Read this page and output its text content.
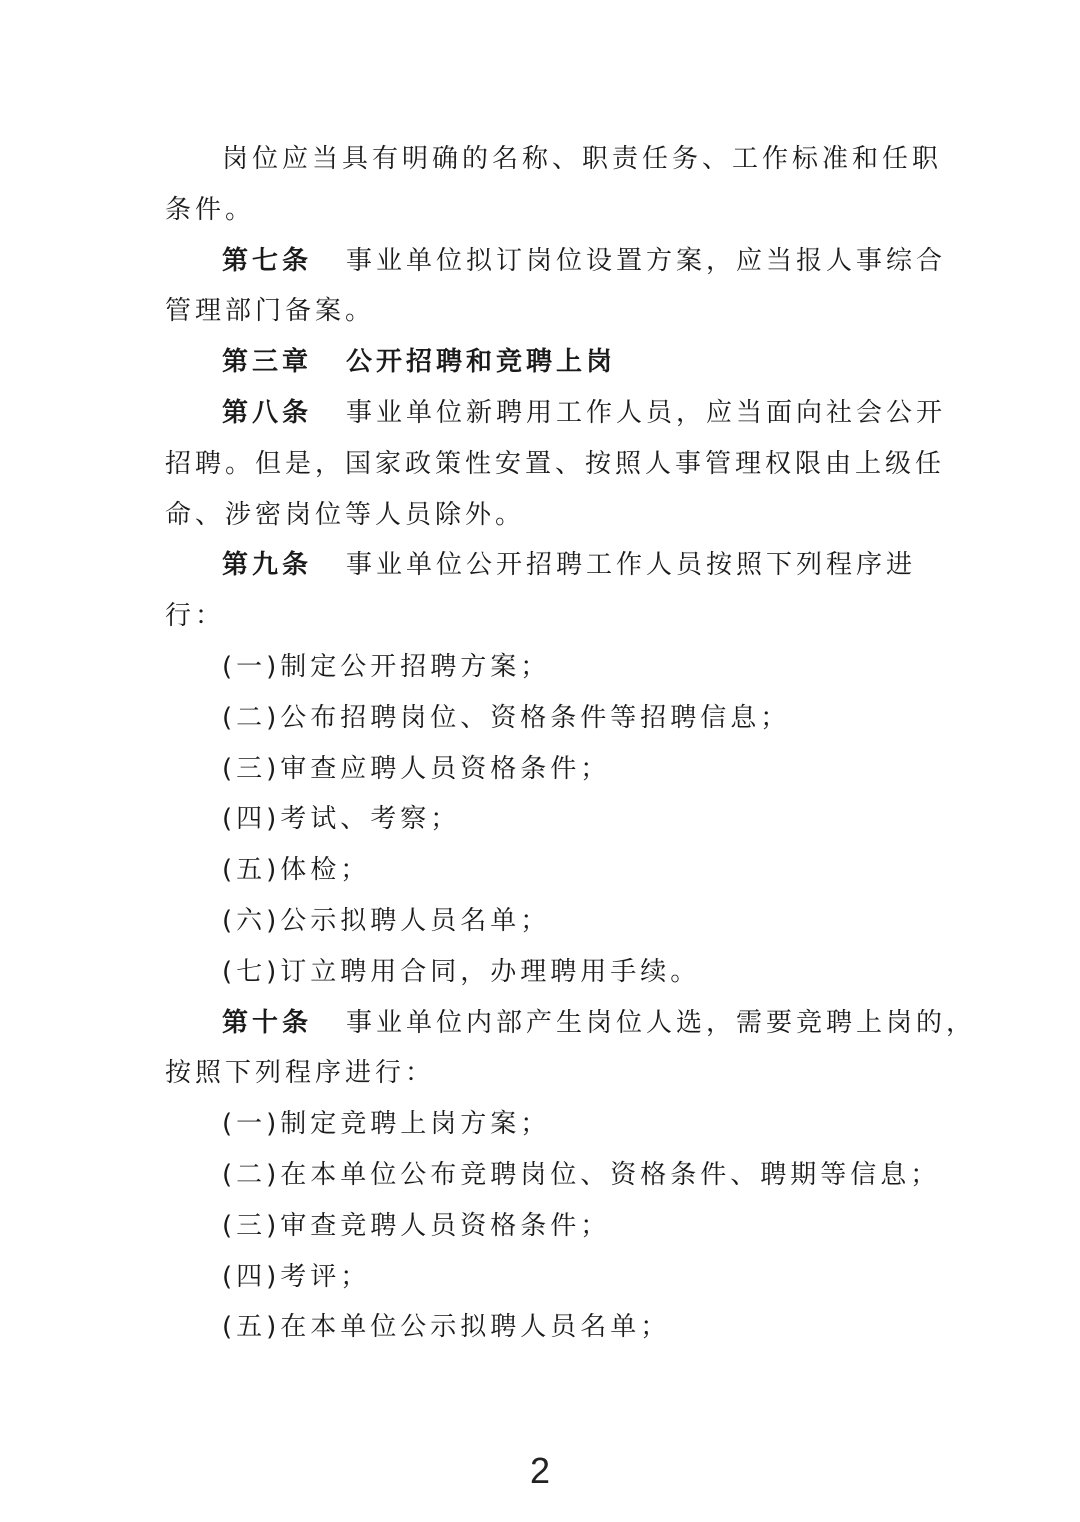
岗位应当具有明确的名称、职责任务、工作标准和任职
条件。
第七条 事业单位拟订岗位设置方案，应当报人事综合
管理部门备案。
第三章 公开招聘和竞聘上岗
第八条 事业单位新聘用工作人员，应当面向社会公开
招聘。但是，国家政策性安置、按照人事管理权限由上级任
命、涉密岗位等人员除外。
第九条 事业单位公开招聘工作人员按照下列程序进
行：
(一)制定公开招聘方案；
(二)公布招聘岗位、资格条件等招聘信息；
(三)审查应聘人员资格条件；
(四)考试、考察；
(五)体检；
(六)公示拟聘人员名单；
(七)订立聘用合同，办理聘用手续。
第十条 事业单位内部产生岗位人选，需要竞聘上岗的，
按照下列程序进行：
(一)制定竞聘上岗方案；
(二)在本单位公布竞聘岗位、资格条件、聘期等信息；
(三)审查竞聘人员资格条件；
(四)考评；
(五)在本单位公示拟聘人员名单；
2
